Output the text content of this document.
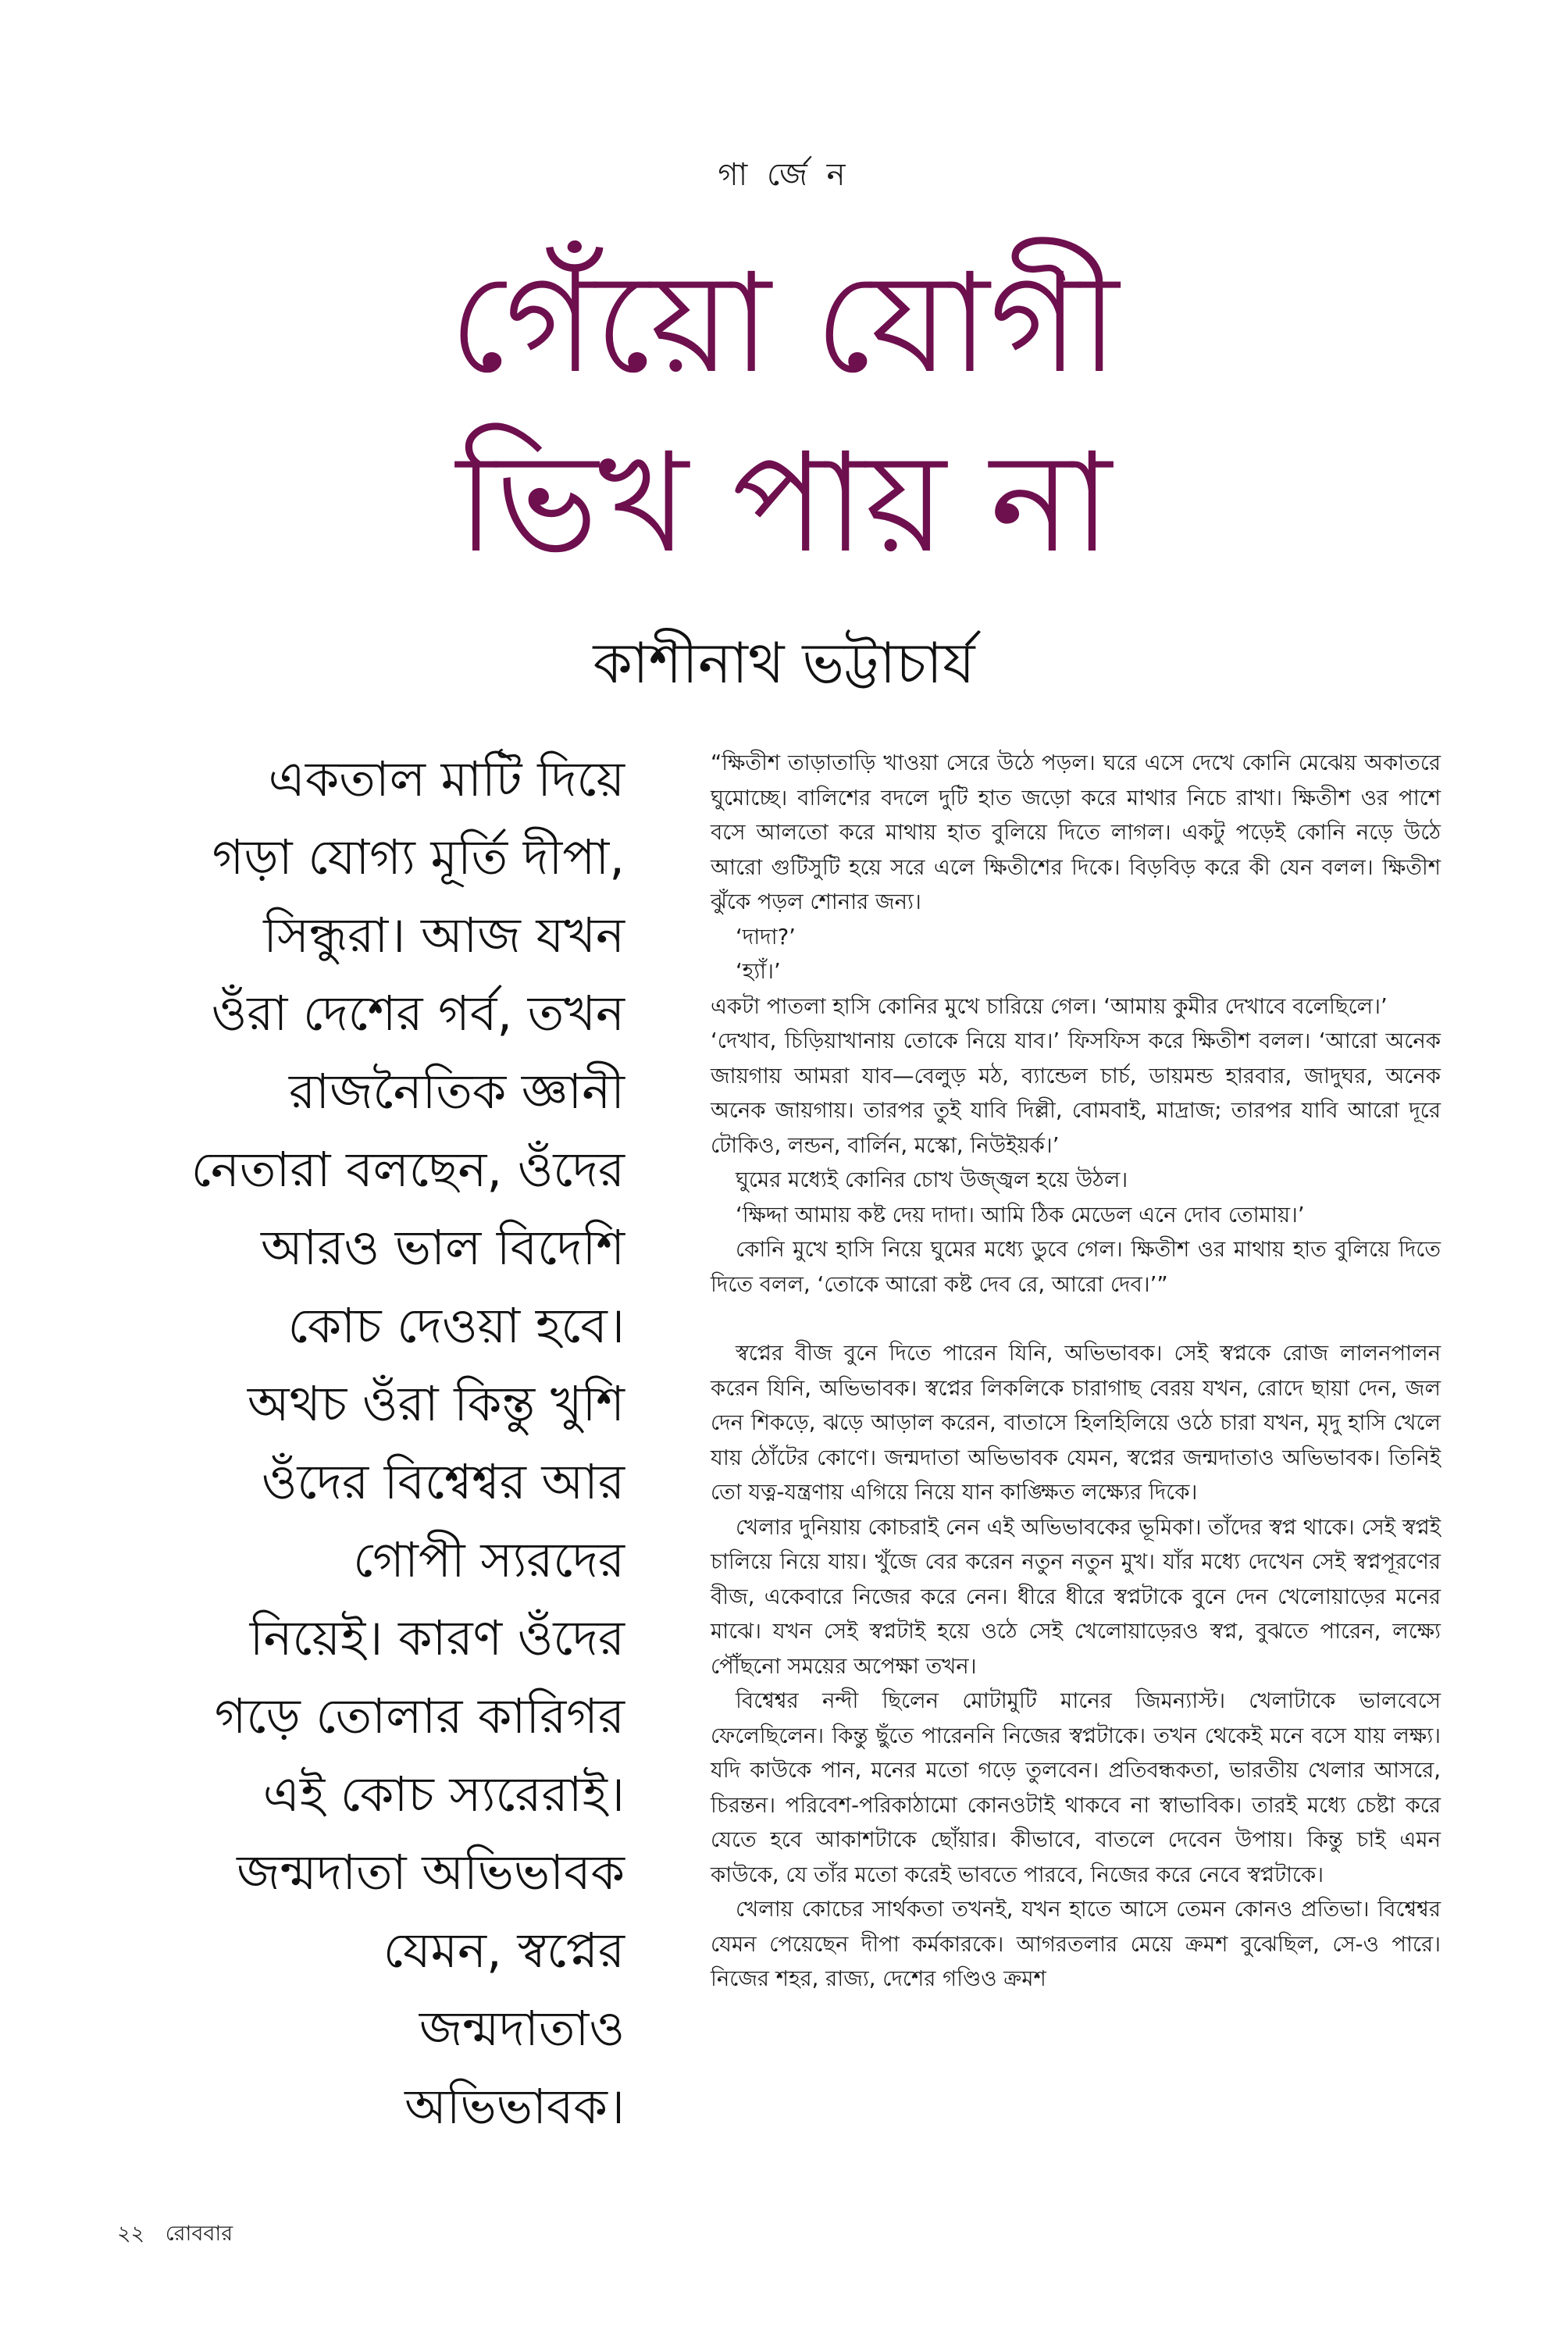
গা র্জে ন
গেঁয়ো যোগী
ভিখ পায় না
কাশীনাথ ভট্টাচার্য
একতাল মাটি দিয়ে
গড়া যোগ্য মূর্তি দীপা,
সিন্ধুরা। আজ যখন
ওঁরা দেশের গর্ব, তখন
রাজনৈতিক জ্ঞানী
নেতারা বলছেন, ওঁদের
আরও ভাল বিদেশি
কোচ দেওয়া হবে।
অথচ ওঁরা কিন্তু খুশি
ওঁদের বিশ্বেশ্বর আর
গোপী স্যরদের
নিয়েই। কারণ ওঁদের
গড়ে তোলার কারিগর
এই কোচ স্যরেরাই।
জন্মদাতা অভিভাবক
যেমন, স্বপ্নের
জন্মদাতাও
অভিভাবক।

“ক্ষিতীশ তাড়াতাড়ি খাওয়া সেরে উঠে পড়ল। ঘরে এসে দেখে কোনি মেঝেয় অকাতরে ঘুমোচ্ছে। বালিশের বদলে দুটি হাত জড়ো করে মাথার নিচে রাখা। ক্ষিতীশ ওর পাশে বসে আলতো করে মাথায় হাত বুলিয়ে দিতে লাগল। একটু পড়েই কোনি নড়ে উঠে আরো গুটিসুটি হয়ে সরে এলে ক্ষিতীশের দিকে। বিড়বিড় করে কী যেন বলল। ক্ষিতীশ ঝুঁকে পড়ল শোনার জন্য।

‘দাদা?’

‘হ্যাঁ।’

একটা পাতলা হাসি কোনির মুখে চারিয়ে গেল। ‘আমায় কুমীর দেখাবে বলেছিলে।’

‘দেখাব, চিড়িয়াখানায় তোকে নিয়ে যাব।’ ফিসফিস করে ক্ষিতীশ বলল। ‘আরো অনেক জায়গায় আমরা যাব—বেলুড় মঠ, ব্যান্ডেল চার্চ, ডায়মন্ড হারবার, জাদুঘর, অনেক অনেক জায়গায়। তারপর তুই যাবি দিল্লী, বোমবাই, মাদ্রাজ; তারপর যাবি আরো দূরে টোকিও, লন্ডন, বার্লিন, মস্কো, নিউইয়র্ক।’

ঘুমের মধ্যেই কোনির চোখ উজ্জ্বল হয়ে উঠল।

‘ক্ষিদ্দা আমায় কষ্ট দেয় দাদা। আমি ঠিক মেডেল এনে দোব তোমায়।’

কোনি মুখে হাসি নিয়ে ঘুমের মধ্যে ডুবে গেল। ক্ষিতীশ ওর মাথায় হাত বুলিয়ে দিতে দিতে বলল, ‘তোকে আরো কষ্ট দেব রে, আরো দেব।’”

স্বপ্নের বীজ বুনে দিতে পারেন যিনি, অভিভাবক। সেই স্বপ্নকে রোজ লালনপালন করেন যিনি, অভিভাবক। স্বপ্নের লিকলিকে চারাগাছ বেরয় যখন, রোদে ছায়া দেন, জল দেন শিকড়ে, ঝড়ে আড়াল করেন, বাতাসে হিলহিলিয়ে ওঠে চারা যখন, মৃদু হাসি খেলে যায় ঠোঁটের কোণে। জন্মদাতা অভিভাবক যেমন, স্বপ্নের জন্মদাতাও অভিভাবক। তিনিই তো যত্ন-যন্ত্রণায় এগিয়ে নিয়ে যান কাঙ্ক্ষিত লক্ষ্যের দিকে।

খেলার দুনিয়ায় কোচরাই নেন এই অভিভাবকের ভূমিকা। তাঁদের স্বপ্ন থাকে। সেই স্বপ্নই চালিয়ে নিয়ে যায়। খুঁজে বের করেন নতুন নতুন মুখ। যাঁর মধ্যে দেখেন সেই স্বপ্নপূরণের বীজ, একেবারে নিজের করে নেন। ধীরে ধীরে স্বপ্নটাকে বুনে দেন খেলোয়াড়ের মনের মাঝে। যখন সেই স্বপ্নটাই হয়ে ওঠে সেই খেলোয়াড়েরও স্বপ্ন, বুঝতে পারেন, লক্ষ্যে পৌঁছনো সময়ের অপেক্ষা তখন।

বিশ্বেশ্বর নন্দী ছিলেন মোটামুটি মানের জিমন্যাস্ট। খেলাটাকে ভালবেসে ফেলেছিলেন। কিন্তু ছুঁতে পারেননি নিজের স্বপ্নটাকে। তখন থেকেই মনে বসে যায় লক্ষ্য। যদি কাউকে পান, মনের মতো গড়ে তুলবেন। প্রতিবন্ধকতা, ভারতীয় খেলার আসরে, চিরন্তন। পরিবেশ-পরিকাঠামো কোনওটাই থাকবে না স্বাভাবিক। তারই মধ্যে চেষ্টা করে যেতে হবে আকাশটাকে ছোঁয়ার। কীভাবে, বাতলে দেবেন উপায়। কিন্তু চাই এমন কাউকে, যে তাঁর মতো করেই ভাবতে পারবে, নিজের করে নেবে স্বপ্নটাকে।

খেলায় কোচের সার্থকতা তখনই, যখন হাতে আসে তেমন কোনও প্রতিভা। বিশ্বেশ্বর যেমন পেয়েছেন দীপা কর্মকারকে। আগরতলার মেয়ে ক্রমশ বুঝেছিল, সে-ও পারে। নিজের শহর, রাজ্য, দেশের গণ্ডিও ক্রমশ

২২ রোববার
